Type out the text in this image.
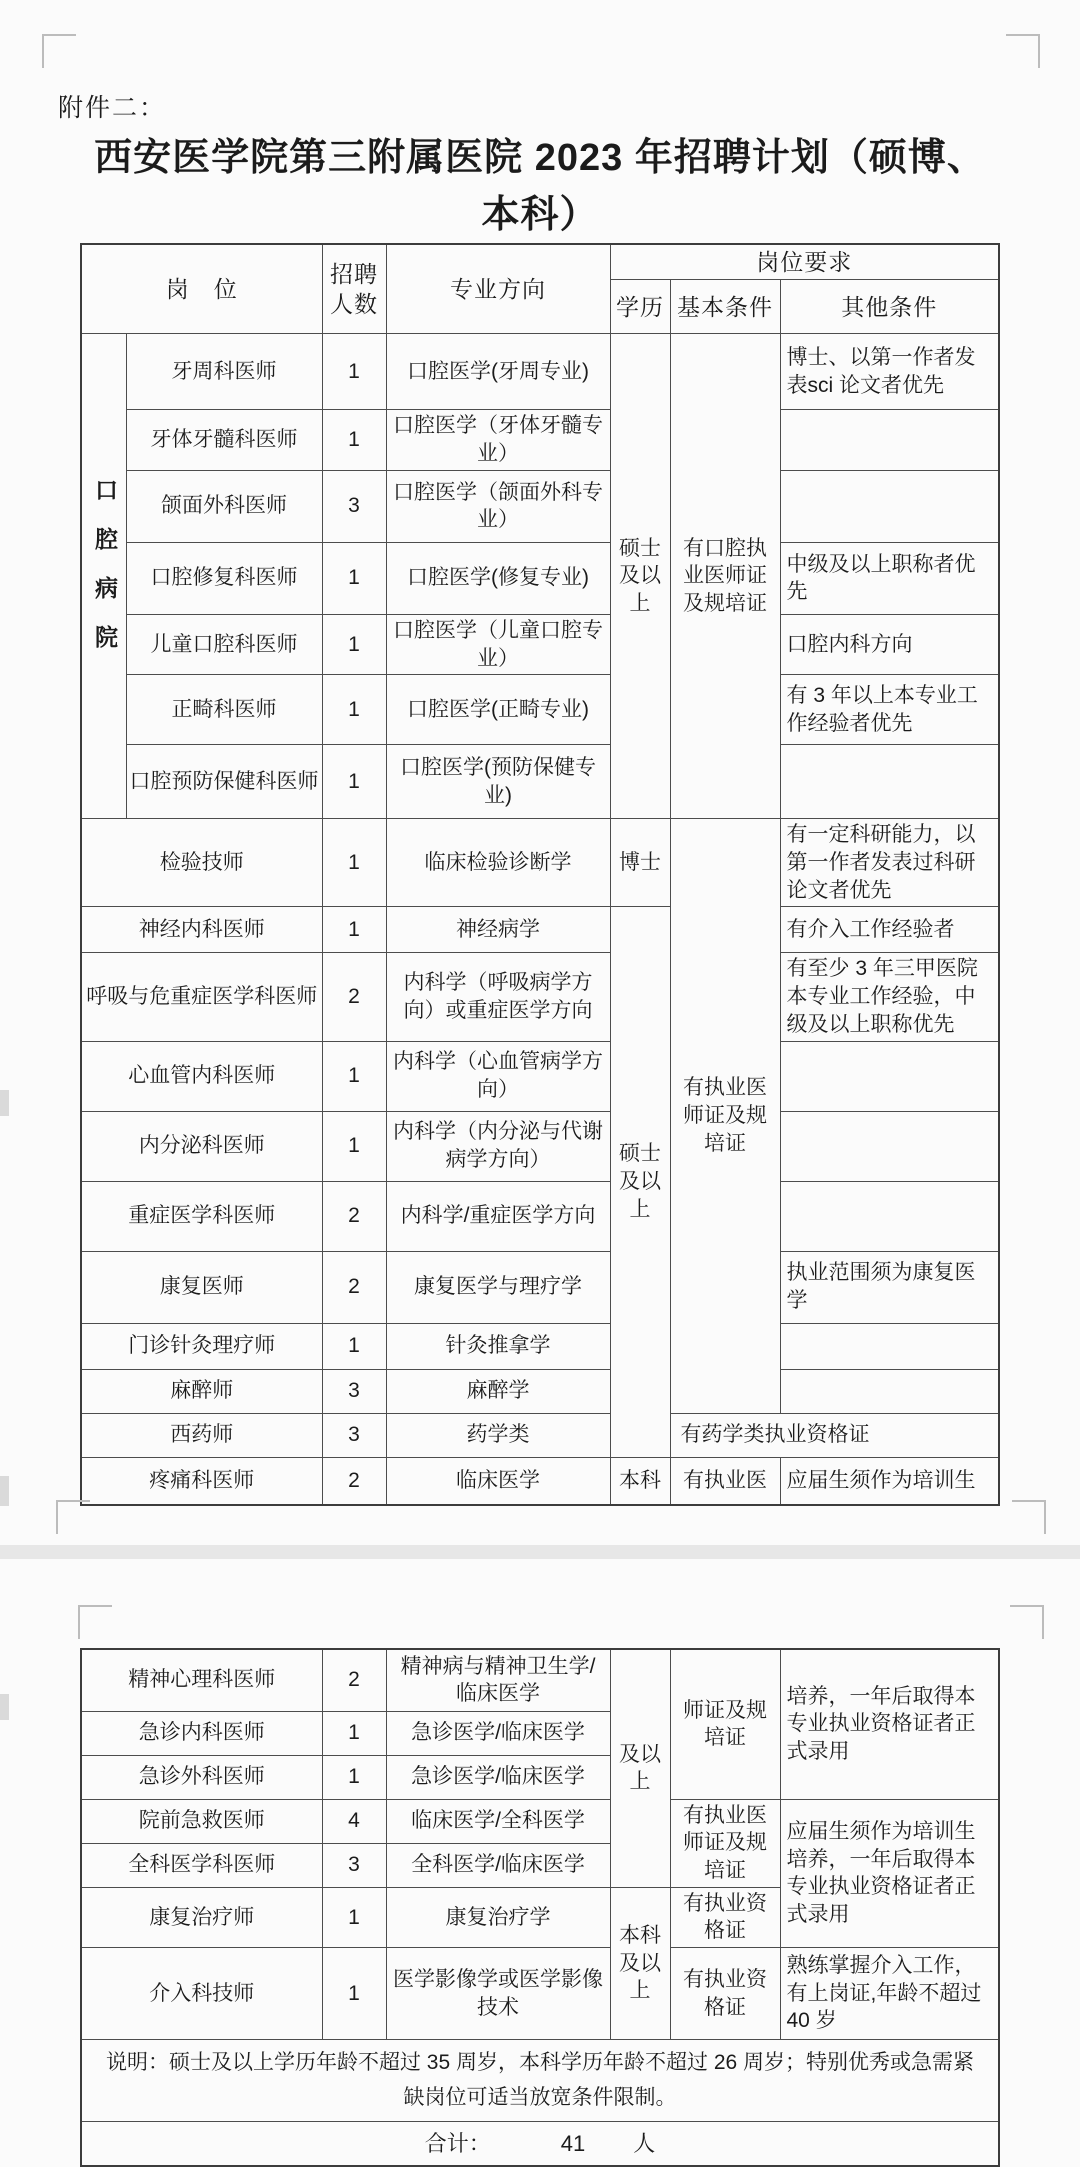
附件二：
西安医学院第三附属医院 2023 年招聘计划（硕博、本科）
岗　位		招聘人数	专业方向	岗位要求		
				学历	基本条件	其他条件

口腔病院	牙周科医师	1	口腔医学(牙周专业)	硕士及以上	有口腔执业医师证及规培证	博士、以第一作者发表sci 论文者优先
	牙体牙髓科医师	1	口腔医学（牙体牙髓专业）			
	颌面外科医师	3	口腔医学（颌面外科专业）			
	口腔修复科医师	1	口腔医学(修复专业)			中级及以上职称者优先
	儿童口腔科医师	1	口腔医学（儿童口腔专业）			口腔内科方向
	正畸科医师	1	口腔医学(正畸专业)			有 3 年以上本专业工作经验者优先
	口腔预防保健科医师	1	口腔医学(预防保健专业)			
检验技师		1	临床检验诊断学	博士	有执业医师证及规培证	有一定科研能力，以第一作者发表过科研论文者优先
神经内科医师		1	神经病学	硕士及以上		有介入工作经验者
呼吸与危重症医学科医师		2	内科学（呼吸病学方向）或重症医学方向			有至少 3 年三甲医院本专业工作经验，中级及以上职称优先
心血管内科医师		1	内科学（心血管病学方向）			
内分泌科医师		1	内科学（内分泌与代谢病学方向）			
重症医学科医师		2	内科学/重症医学方向			
康复医师		2	康复医学与理疗学			执业范围须为康复医学
门诊针灸理疗师		1	针灸推拿学			
麻醉师		3	麻醉学			
西药师		3	药学类		有药学类执业资格证	
疼痛科医师		2	临床医学	本科	有执业医	应届生须作为培训生
精神心理科医师	2	精神病与精神卫生学/临床医学	及以上	师证及规培证	培养，一年后取得本专业执业资格证者正式录用
急诊内科医师	1	急诊医学/临床医学			
急诊外科医师	1	急诊医学/临床医学			
院前急救医师	4	临床医学/全科医学		有执业医师证及规培证	应届生须作为培训生培养，一年后取得本专业执业资格证者正式录用
全科医学科医师	3	全科医学/临床医学			
康复治疗师	1	康复治疗学	本科及以上	有执业资格证	
介入科技师	1	医学影像学或医学影像技术		有执业资格证	熟练掌握介入工作，有上岗证,年龄不超过 40 岁
说明：硕士及以上学历年龄不超过 35 周岁，本科学历年龄不超过 26 周岁；特别优秀或急需紧缺岗位可适当放宽条件限制。					

合计： 41 人					
